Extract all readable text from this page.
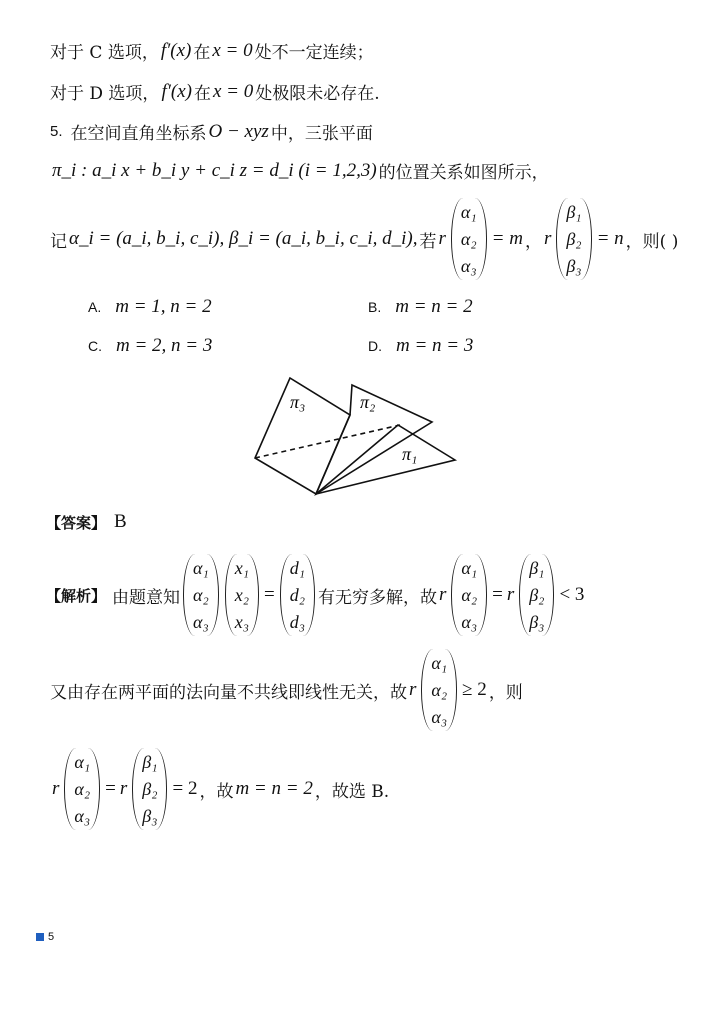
对于 C 选项， f′(x) 在 x = 0 处不一定连续；
对于 D 选项， f′(x) 在 x = 0 处极限未必存在.
5. 在空间直角坐标系 O − xyz 中，三张平面
π_i : a_i x + b_i y + c_i z = d_i (i = 1,2,3) 的位置关系如图所示，
记 α_i = (a_i, b_i, c_i), β_i = (a_i, b_i, c_i, d_i), 若 r
α₁
α₂
α₃
= m ， r
β₁
β₂
β₃
= n ，则( )
A. m = 1, n = 2	B. m = n = 2
C. m = 2, n = 3	D. m = n = 3
π₃	π₂
π₁
【答案】 B
【解析】 由题意知
α₁
α₂
α₃
x₁
x₂
x₃
=
d₁
d₂
d₃
有无穷多解，故 r
α₁
α₂
α₃
= r
β₁
β₂
β₃
< 3
又由存在两平面的法向量不共线即线性无关，故 r
α₁
α₂
α₃
≥ 2 ，则
r
α₁
α₂
α₃
= r
β₁
β₂
β₃
= 2 ，故 m = n = 2 ，故选 B.
5
